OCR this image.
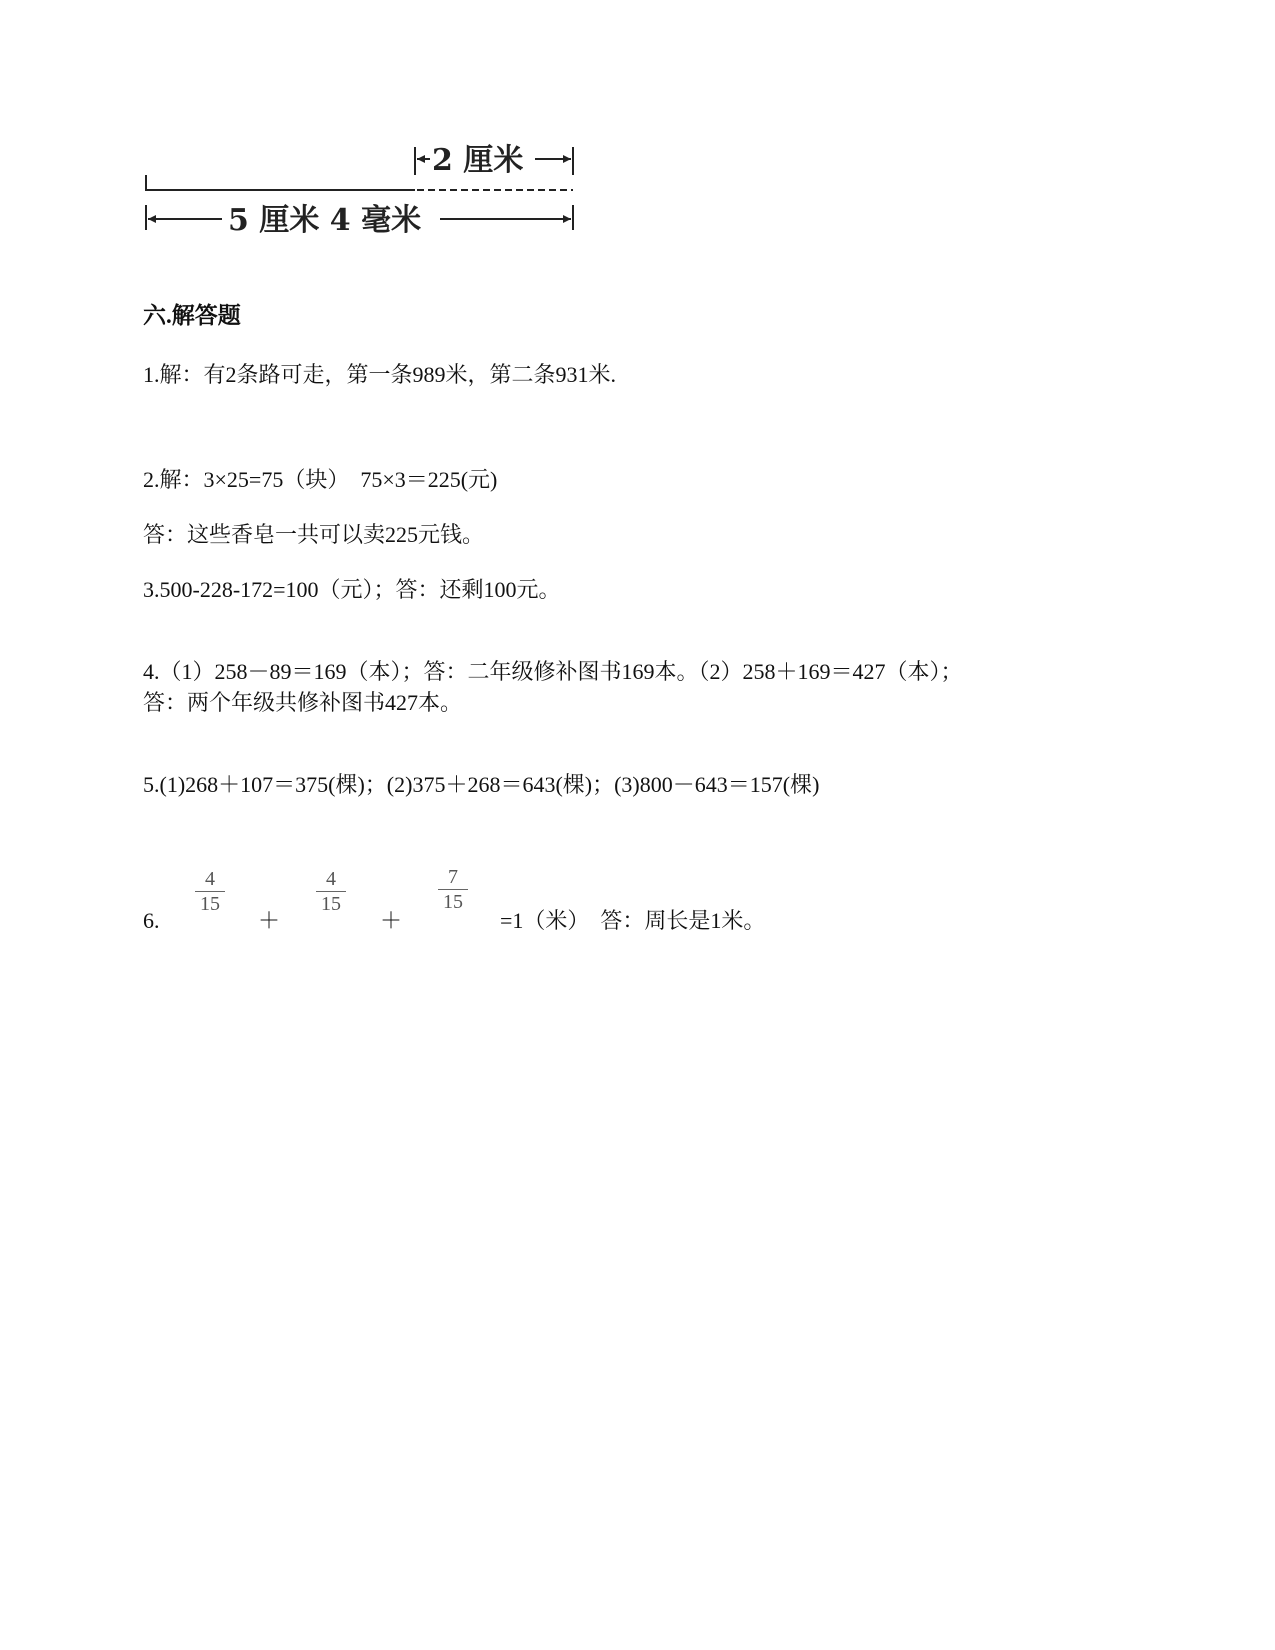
2 厘米
5 厘米 4 毫米
六.解答题
1.解：有2条路可走，第一条989米，第二条931米.
2.解：3×25=75（块）　75×3＝225(元)
答：这些香皂一共可以卖225元钱。
3.500-228-172=100（元）；答：还剩100元。
4.（1）258－89＝169（本）；答：二年级修补图书169本。（2）258＋169＝427（本）；
答：两个年级共修补图书427本。
5.(1)268＋107＝375(棵)；(2)375＋268＝643(棵)；(3)800－643＝157(棵)
6.
4
15
＋
4
15
＋
7
15
=1（米）　答：周长是1米。
